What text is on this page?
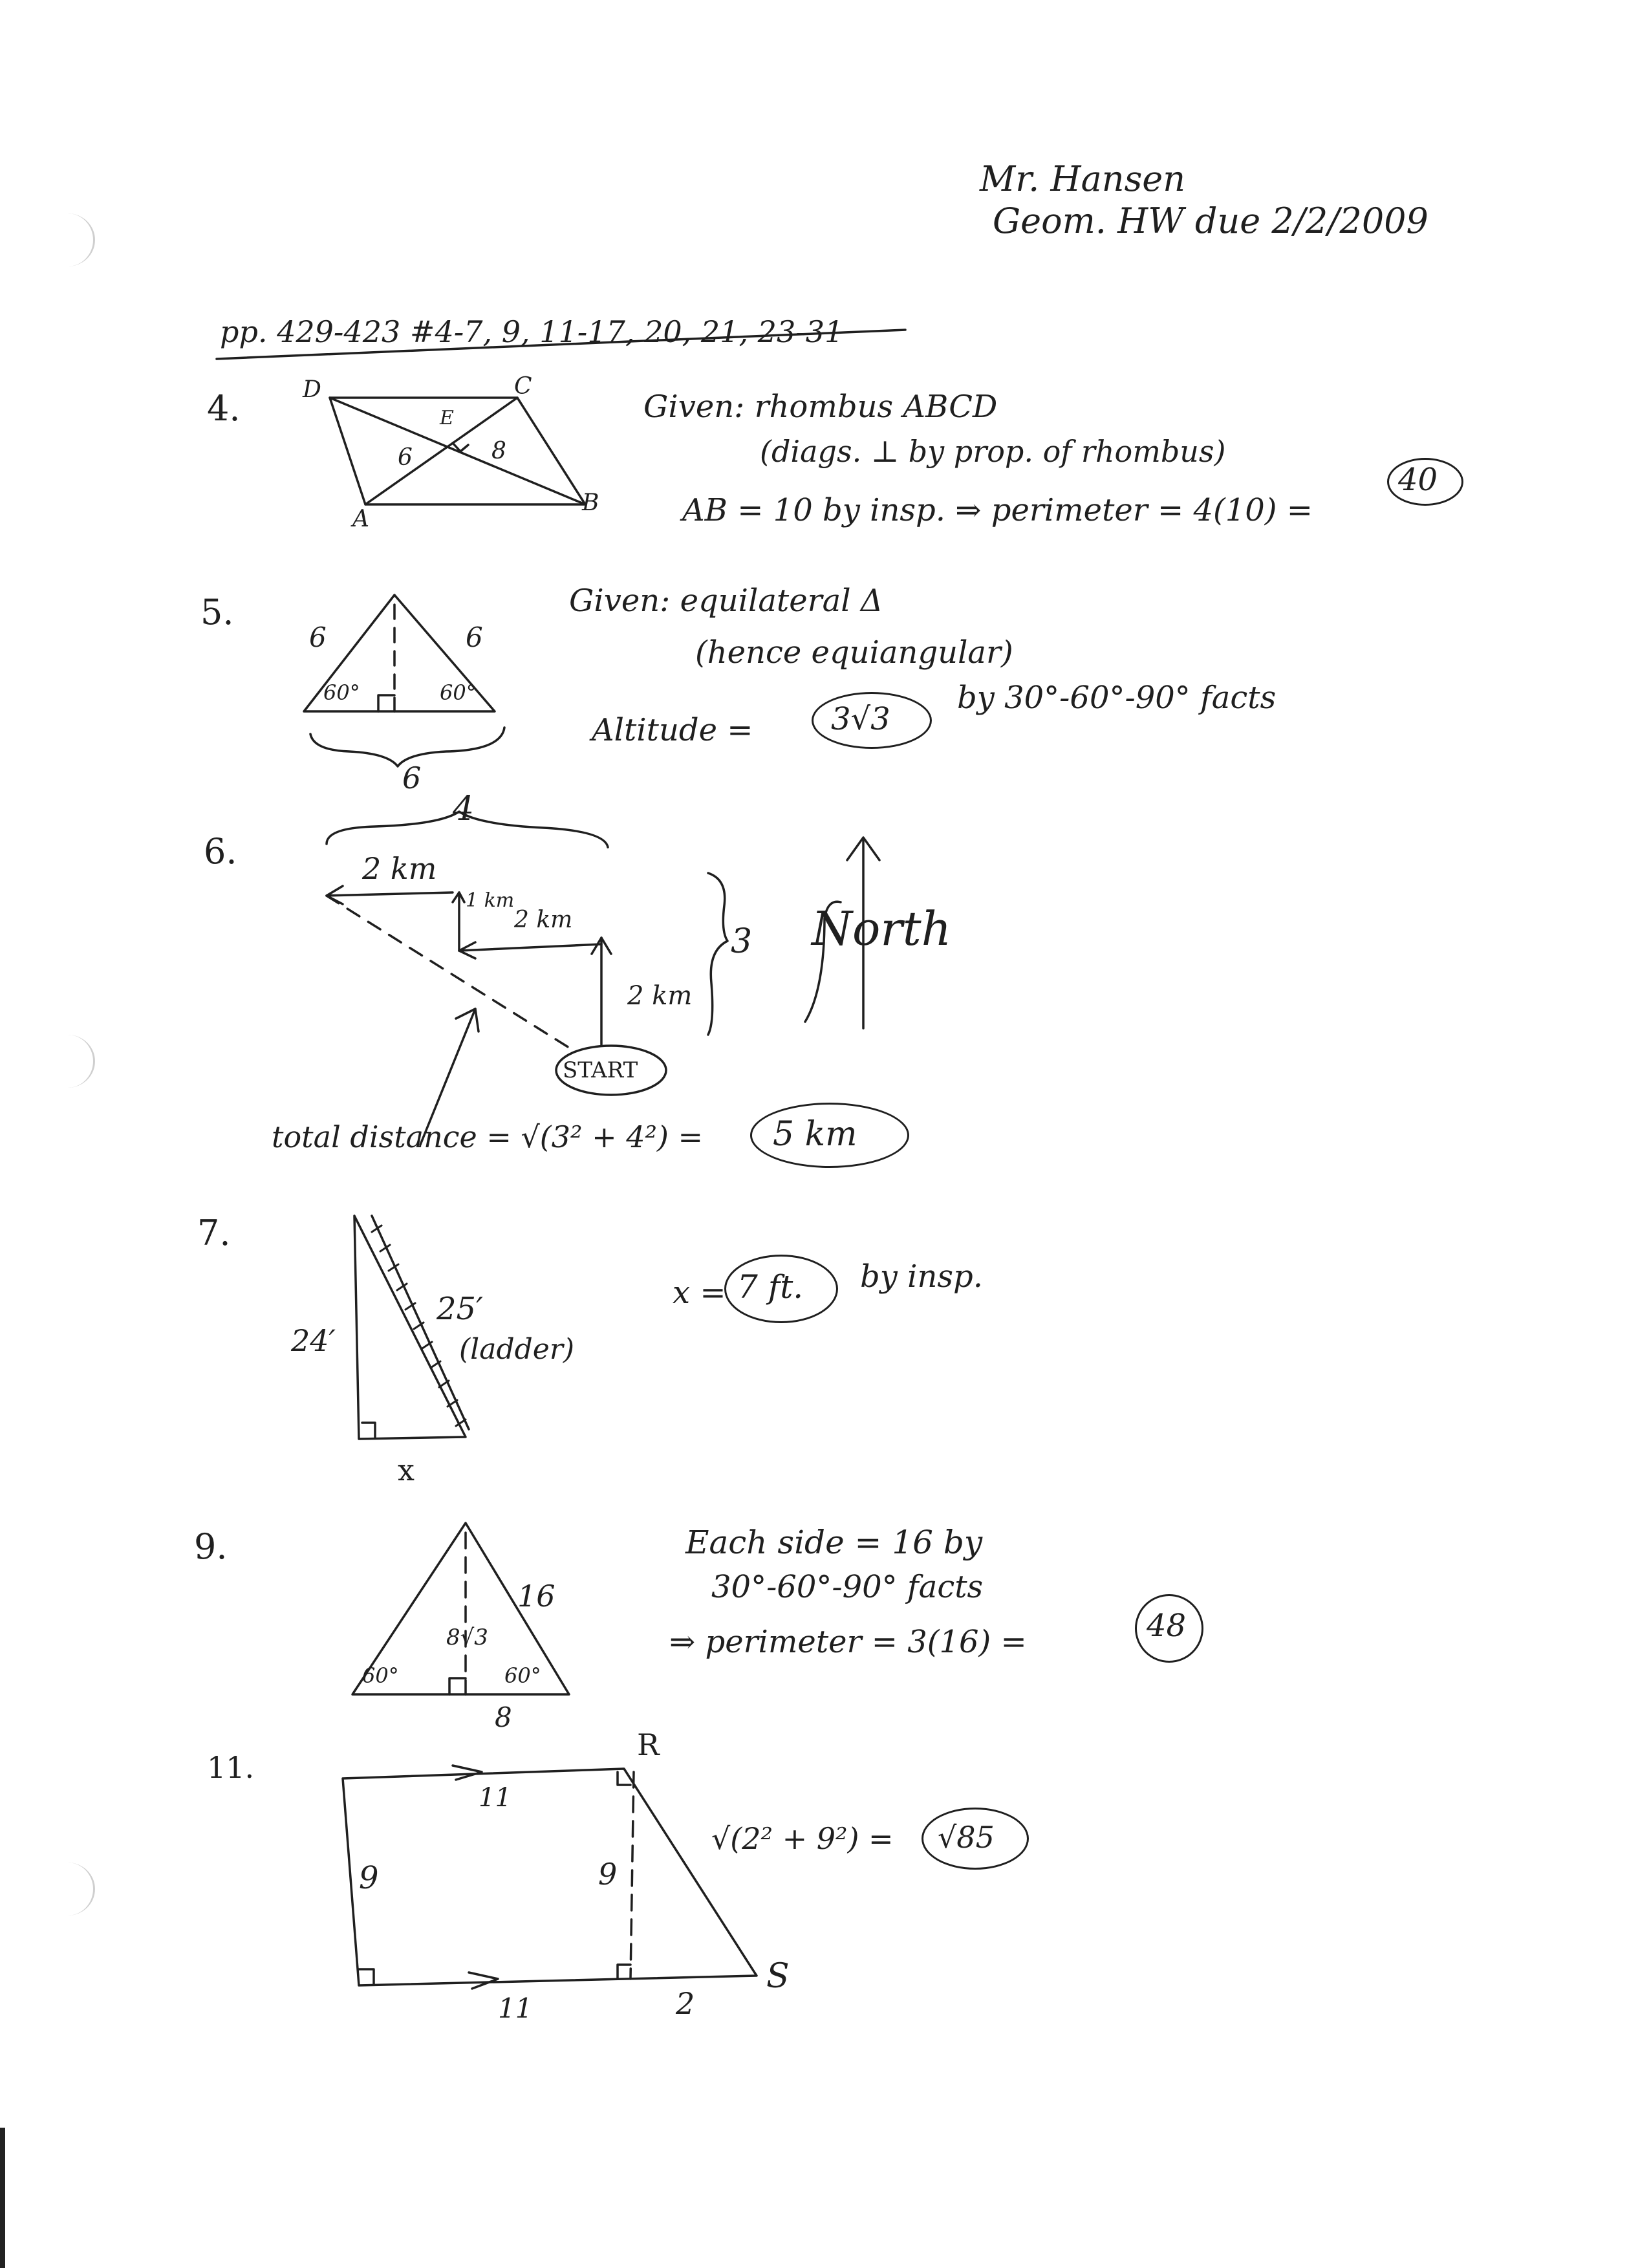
Mr. Hansen
Geom. HW due 2/2/2009
pp. 429-423 #4-7, 9, 11-17, 20, 21, 23-31
4.	D	C
A
B
E
6	8
Given: rhombus ABCD
(diags. ⊥ by prop. of rhombus)
AB = 10 by insp. ⇒ perimeter = 4(10) =
40
5.
6	6
60°	60°
6
Given: equilateral Δ
(hence equiangular)
Altitude =	3√3
by 30°-60°-90° facts
6.
4
2 km
1 km
2 km
2 km
3
START
North
total distance = √(3² + 4²) = 5 km
7.
24′
25′
(ladder)
x
x = 7 ft. by insp.
9.
16
8√3
60°	60°
8
Each side = 16 by
30°-60°-90° facts
⇒ perimeter = 3(16) =	48
11.
R
S
11
9	9
11	2
√(2² + 9²) = √85
